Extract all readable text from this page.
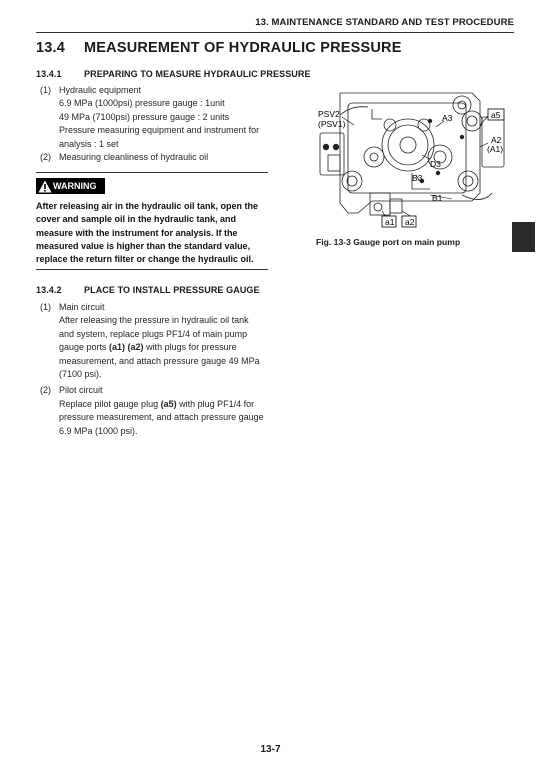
13. MAINTENANCE STANDARD AND TEST PROCEDURE
13.4 MEASUREMENT OF HYDRAULIC PRESSURE
13.4.1 PREPARING TO MEASURE HYDRAULIC PRESSURE
(1) Hydraulic equipment
6.9 MPa (1000psi) pressure gauge : 1unit
49 MPa (7100psi) pressure gauge : 2 units
Pressure measuring equipment and instrument for
analysis : 1 set
(2) Measuring cleanliness of hydraulic oil
WARNING
After releasing air in the hydraulic oil tank, open the
cover and sample oil in the hydraulic tank, and
measure with the instrument for analysis. If the
measured value is higher than the standard value,
replace the return filter or change the hydraulic oil.
13.4.2 PLACE TO INSTALL PRESSURE GAUGE
(1) Main circuit
After releasing the pressure in hydraulic oil tank
and system, replace plugs PF1/4 of main pump
gauge ports (a1) (a2) with plugs for pressure
measurement, and attach pressure gauge 49 MPa
(7100 psi).
(2) Pilot circuit
Replace pilot gauge plug (a5) with plug PF1/4 for
pressure measurement, and attach pressure gauge
6.9 MPa (1000 psi).
PSV2
(PSV1)
A3	a5
A2
(A1)
D3
B3
B1
a1 a2
Fig. 13-3 Gauge port on main pump
13-7
